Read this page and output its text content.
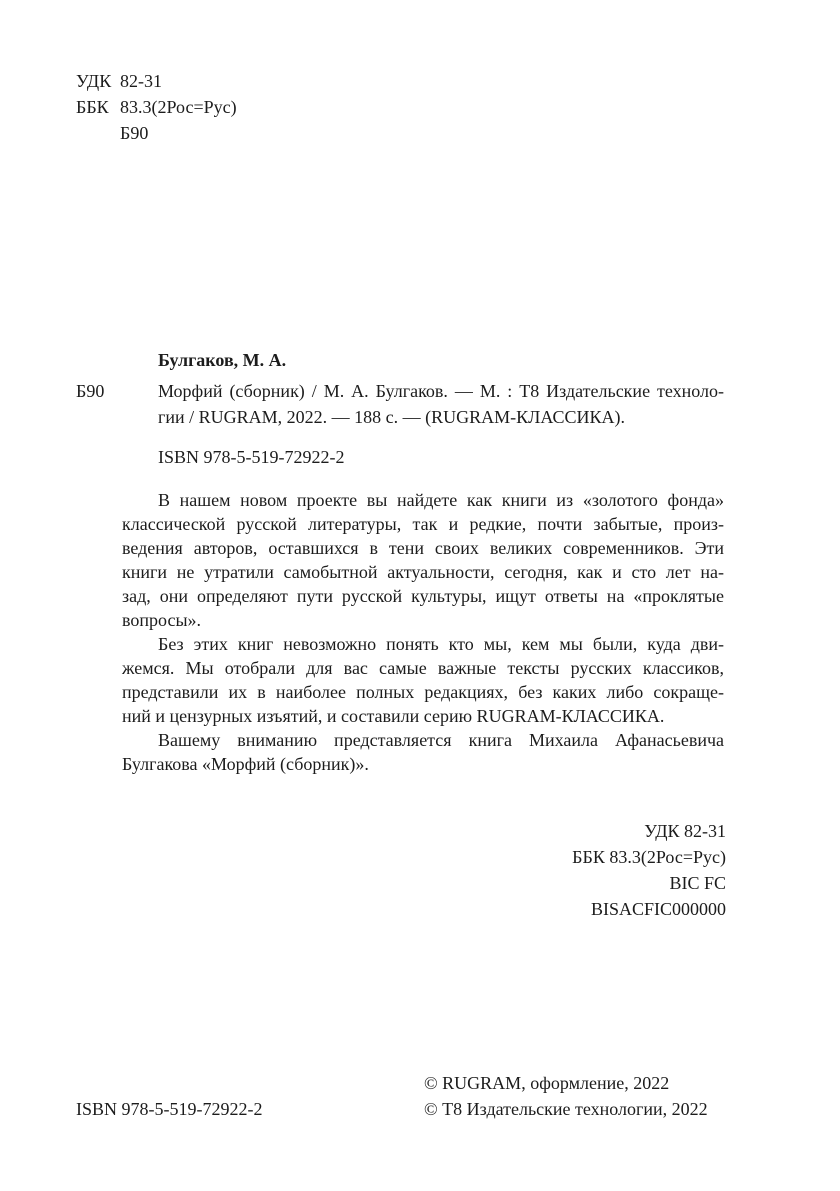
УДК 82-31
ББК 83.3(2Рос=Рус)
Б90
Булгаков, М. А.
Б90	Морфий (сборник) / М. А. Булгаков. — М. : Т8 Издательские техноло-
гии / RUGRAM, 2022. — 188 с. — (RUGRAM-КЛАССИКА).
ISBN 978-5-519-72922-2
В нашем новом проекте вы найдете как книги из «золотого фонда»
классической русской литературы, так и редкие, почти забытые, произ-
ведения авторов, оставшихся в тени своих великих современников. Эти
книги не утратили самобытной актуальности, сегодня, как и сто лет на-
зад, они определяют пути русской культуры, ищут ответы на «проклятые
вопросы».
Без этих книг невозможно понять кто мы, кем мы были, куда дви-
жемся. Мы отобрали для вас самые важные тексты русских классиков,
представили их в наиболее полных редакциях, без каких либо сокраще-
ний и цензурных изъятий, и составили серию RUGRAM-КЛАССИКА.
Вашему вниманию представляется книга Михаила Афанасьевича
Булгакова «Морфий (сборник)».
УДК 82-31
ББК 83.3(2Рос=Рус)
BIC FC
BISACFIC000000
ISBN 978-5-519-72922-2
© RUGRAM, оформление, 2022
© Т8 Издательские технологии, 2022
